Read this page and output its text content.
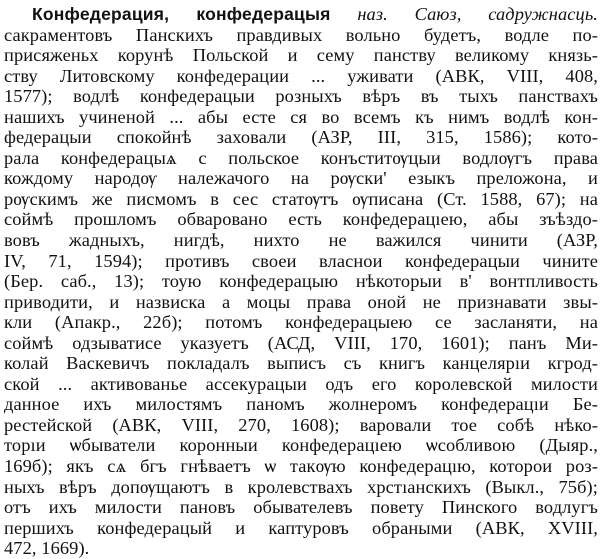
Конфедерация, конфедерацыя наз. Саюз, садружнасць.
сакраментовъ Панскихъ правдивых вольно будетъ, водле по-
присяженьх корунѣ Польской и сему панству великому князь-
ству Литовскому конфедерации ... уживати (АВК, VIII, 408,
1577); водлѣ конфедерацыи розныхъ вѣръ въ тыхъ панствахъ
нашихъ учиненой ... абы есте ся во всемъ къ нимъ водлѣ кон-
федерацыи спокойнѣ заховали (АЗР, III, 315, 1586); кото-
рала конфедерацыѧ с польское конъститѹцыи водлѹгъ права
кождому народѹ належачого на рѹски' езыкъ преложона, и
рѹскимъ же писмомъ в сес статѹтъ ѹписана (Ст. 1588, 67); на
соймѣ прошломъ обваровано есть конфедерацıею, абы зъѣздо-
вовъ жадныхъ, нигдѣ, нихто не важился чинити (АЗР,
IV, 71, 1594); противъ своеи власнои конфедерацыи чините
(Бер. саб., 13); тоую конфедерацыю нѣкоторыи в' вонтпливость
приводити, и назвиска а моцы права оной не признавати звы-
кли (Апакр., 22б); потомъ конфедерацыею се засланяти, на
соймѣ одзыватисе указуетъ (АСД, VIII, 170, 1601); панъ Ми-
колай Васкевичъ покладалъ выписъ съ книгъ канцелярıи кгрод-
ской ... активованье ассекурацыи одъ его королевской милости
данное ихъ милостямъ паномъ жолнеромъ конфедерацıи Бе-
рестейской (АВК, VIII, 270, 1608); варовали тое собѣ нѣко-
торıи ѡбыватели коронныи конфедерацıею ѡсобливою (Дыяр.,
169б); якъ сѧ бгъ гнѣваетъ ѡ такѹю конфедерацıю, которои роз-
ныхъ вѣръ допѹщаютъ в кролевствахъ хрстıанскихъ (Выкл., 75б);
отъ ихъ милости пановъ обывателевъ повету Пинского водлугъ
першихъ конфедерацый и каптуровъ обраными (АВК, XVIII,
472, 1669).
